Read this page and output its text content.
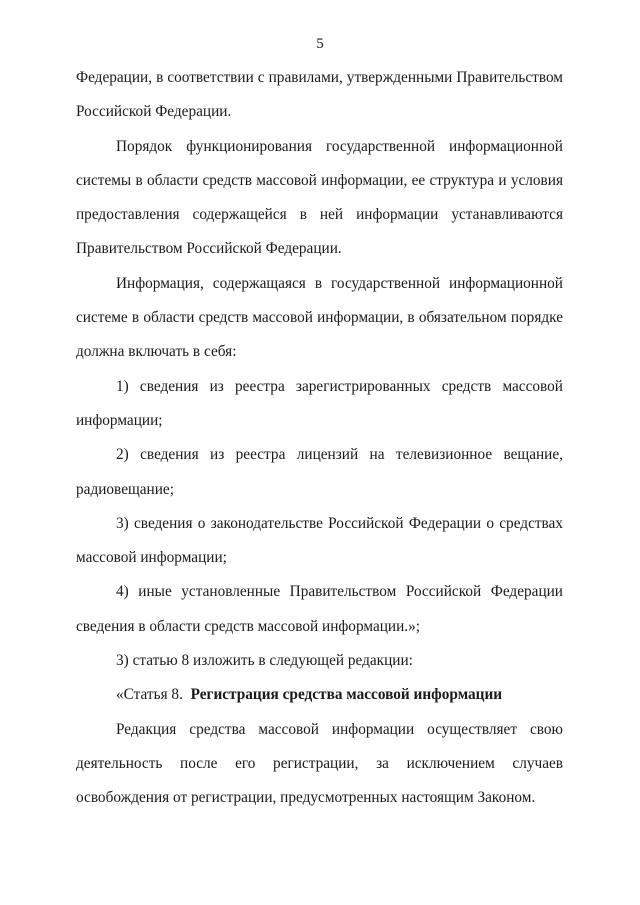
5

Федерации, в соответствии с правилами, утвержденными Правительством Российской Федерации.

Порядок функционирования государственной информационной системы в области средств массовой информации, ее структура и условия предоставления содержащейся в ней информации устанавливаются Правительством Российской Федерации.

Информация, содержащаяся в государственной информационной системе в области средств массовой информации, в обязательном порядке должна включать в себя:

1) сведения из реестра зарегистрированных средств массовой информации;

2) сведения из реестра лицензий на телевизионное вещание, радиовещание;

3) сведения о законодательстве Российской Федерации о средствах массовой информации;

4) иные установленные Правительством Российской Федерации сведения в области средств массовой информации.»;

3) статью 8 изложить в следующей редакции:

«Статья 8. Регистрация средства массовой информации

Редакция средства массовой информации осуществляет свою деятельность после его регистрации, за исключением случаев освобождения от регистрации, предусмотренных настоящим Законом.
